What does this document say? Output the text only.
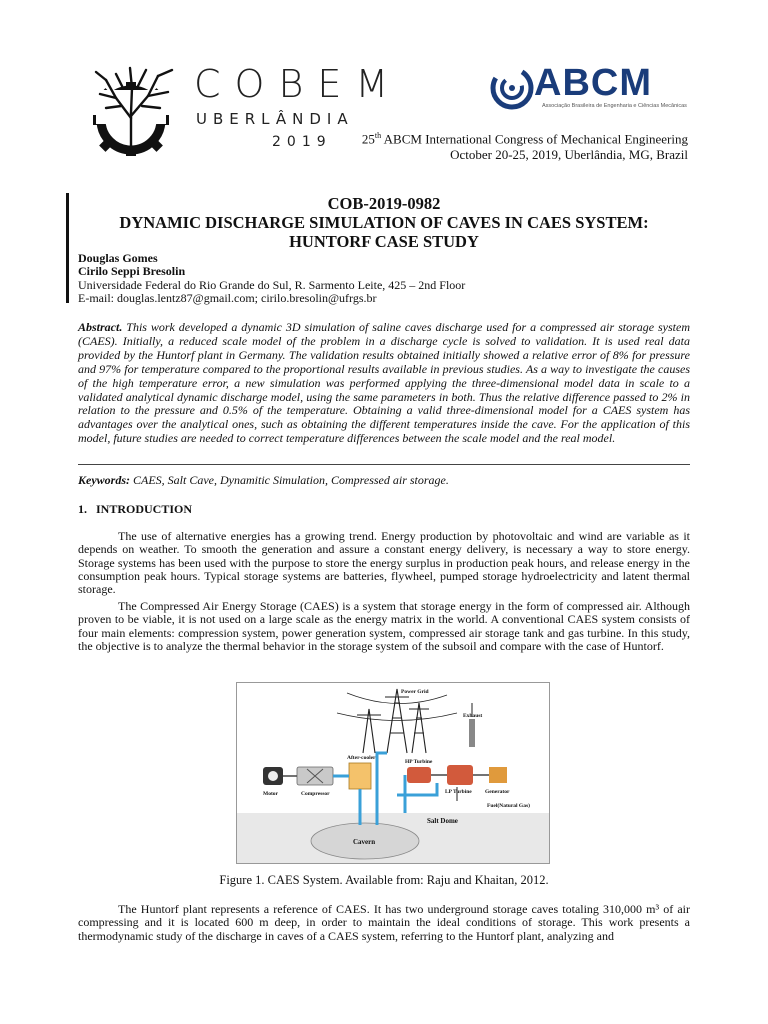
COBEM
UBERLÂNDIA
2019
ABCM
Associação Brasileira de Engenharia e Ciências Mecânicas
25th ABCM International Congress of Mechanical Engineering
October 20-25, 2019, Uberlândia, MG, Brazil
COB-2019-0982
DYNAMIC DISCHARGE SIMULATION OF CAVES IN CAES SYSTEM:
HUNTORF CASE STUDY
Douglas Gomes
Cirilo Seppi Bresolin
Universidade Federal do Rio Grande do Sul, R. Sarmento Leite, 425 – 2nd Floor
E-mail: douglas.lentz87@gmail.com; cirilo.bresolin@ufrgs.br
Abstract. This work developed a dynamic 3D simulation of saline caves discharge used for a compressed air storage system (CAES). Initially, a reduced scale model of the problem in a discharge cycle is solved to validation. It is used real data provided by the Huntorf plant in Germany. The validation results obtained initially showed a relative error of 8% for pressure and 97% for temperature compared to the proportional results available in previous studies. As a way to investigate the causes of the high temperature error, a new simulation was performed applying the three-dimensional model data in scale to a validated analytical dynamic discharge model, using the same parameters in both. Thus the relative difference passed to 2% in relation to the pressure and 0.5% of the temperature. Obtaining a valid three-dimensional model for a CAES system has advantages over the analytical ones, such as obtaining the different temperatures inside the cave. For the application of this model, future studies are needed to correct temperature differences between the scale model and the real model.
Keywords: CAES, Salt Cave, Dynamitic Simulation, Compressed air storage.
1.   INTRODUCTION
The use of alternative energies has a growing trend. Energy production by photovoltaic and wind are variable as it depends on weather. To smooth the generation and assure a constant energy delivery, is necessary a way to store energy. Storage systems has been used with the purpose to store the energy surplus in production peak hours, and release energy in the consumption peak hours. Typical storage systems are batteries, flywheel, pumped storage hydroelectricity and latent thermal storage.
The Compressed Air Energy Storage (CAES) is a system that storage energy in the form of compressed air. Although proven to be viable, it is not used on a large scale as the energy matrix in the world. A conventional CAES system consists of four main elements: compression system, power generation system, compressed air storage tank and gas turbine. In this study, the objective is to analyze the thermal behavior in the storage system of the subsoil and compare with the case of Huntorf.
Power Grid
Exhaust
After-cooler
HP Turbine
LP Turbine Generator
Motor	Compressor
Fuel(Natural Gas)
Salt Dome
Cavern
Figure 1. CAES System. Available from: Raju and Khaitan, 2012.
The Huntorf plant represents a reference of CAES. It has two underground storage caves totaling 310,000 m³ of air compressing and it is located 600 m deep, in order to maintain the ideal conditions of storage. This work presents a thermodynamic study of the discharge in caves of a CAES system, referring to the Huntorf plant, analyzing and
